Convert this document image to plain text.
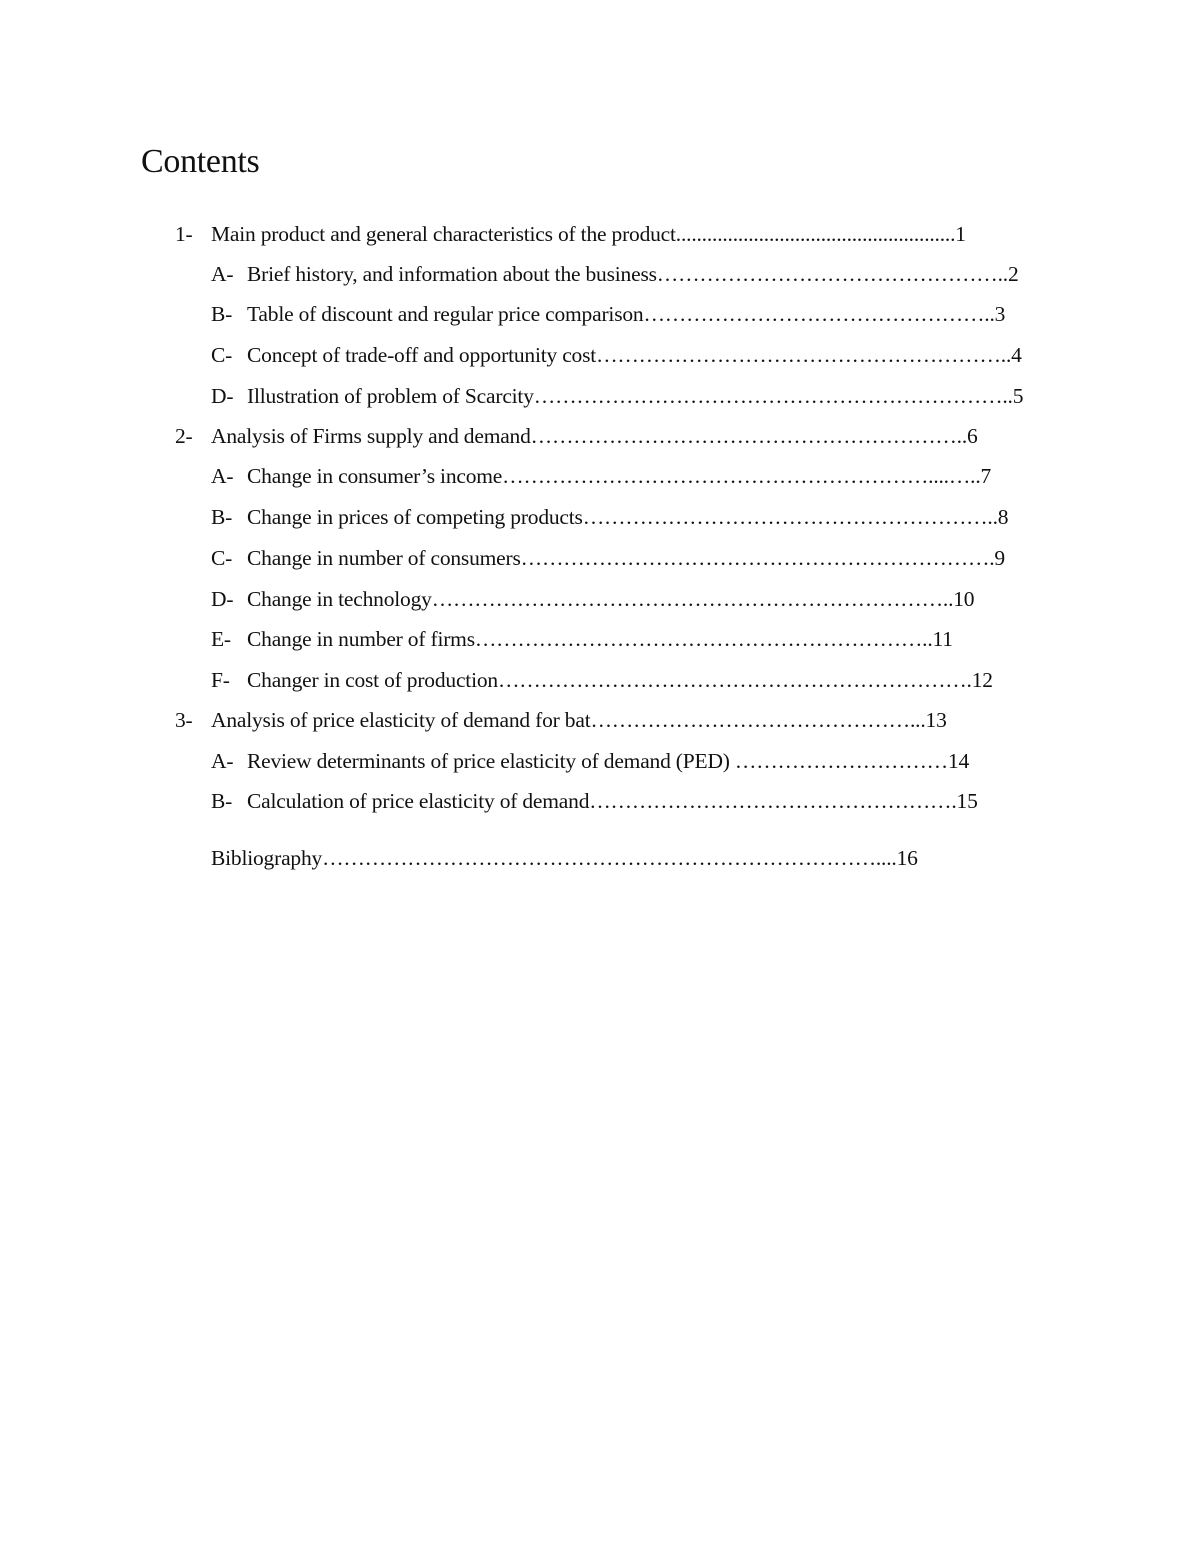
Contents
1- Main product and general characteristics of the product......................................................1
A- Brief history, and information about the business…………………………………………..2
B- Table of discount and regular price comparison…………………………………………..3
C- Concept of trade-off and opportunity cost…………………………………………………..4
D- Illustration of problem of Scarcity…………………………………………………………..5
2- Analysis of Firms supply and demand……………………………………………………..6
A- Change in consumer’s income……………………………………………………....…..7
B- Change in prices of competing products…………………………………………………..8
C- Change in number of consumers………………………………………………………….9
D- Change in technology………………………………………………………………..10
E- Change in number of firms………………………………………………………..11
F- Changer in cost of production………………………………………………………….12
3- Analysis of price elasticity of demand for bat………………………………………...13
A- Review determinants of price elasticity of demand (PED) …………………………14
B- Calculation of price elasticity of demand…………………………………………….15
Bibliography……………………………………………………………………....16
